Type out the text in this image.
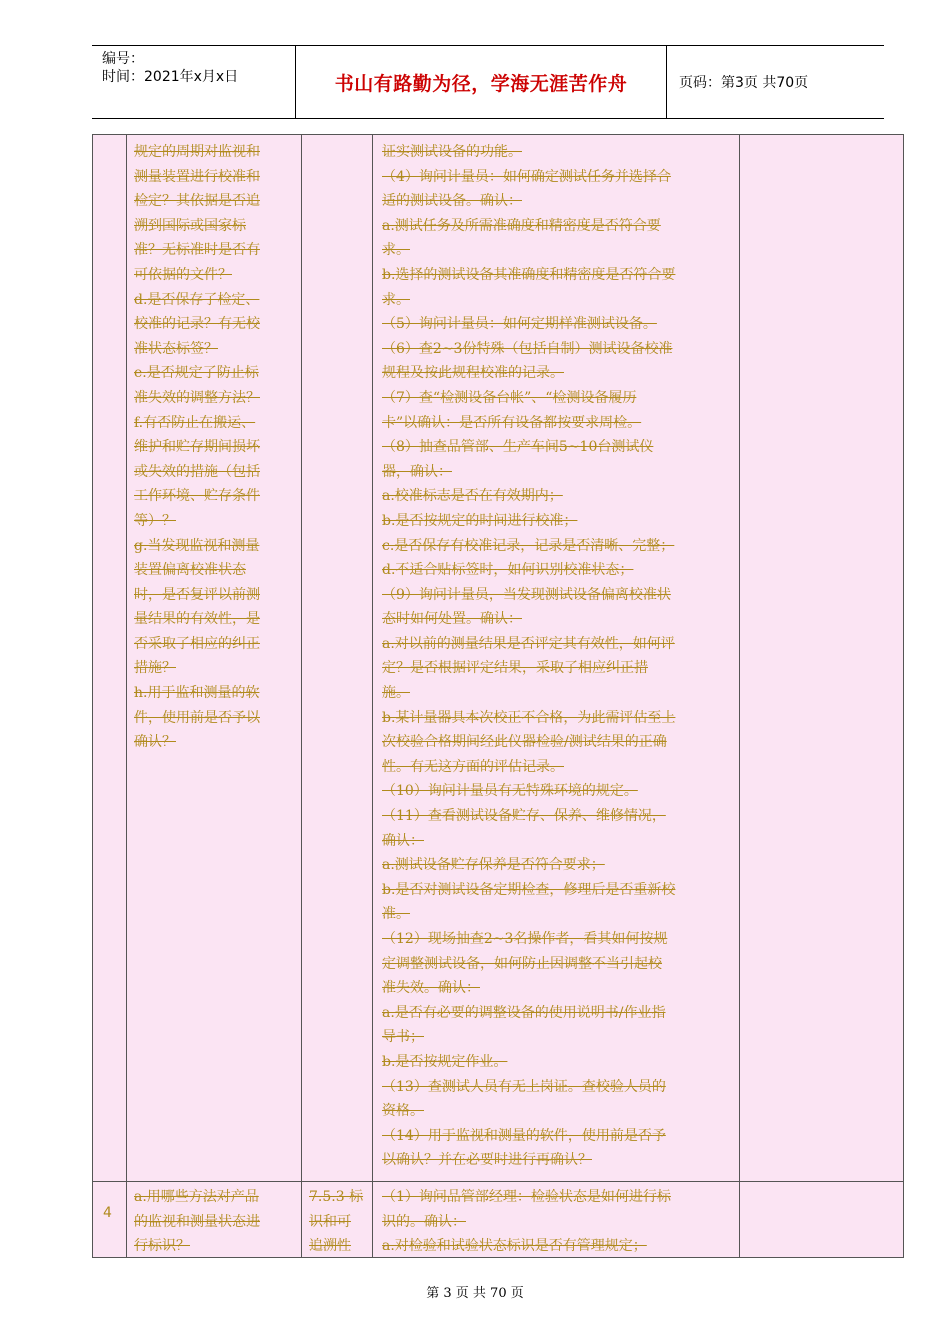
编号：
时间：2021年x月x日	书山有路勤为径，学海无涯苦作舟	页码：第3页 共70页

规定的周期对监视和

测量装置进行校准和

检定？其依据是否追

溯到国际或国家标

准？无标准时是否有

可依据的文件？

d.是否保存了检定、

校准的记录？有无校

准状态标签？

e.是否规定了防止标

准失效的调整方法？

f.有否防止在搬运、

维护和贮存期间损坏

或失效的措施（包括

工作环境、贮存条件

等）？

g.当发现监视和测量

装置偏离校准状态

时，是否复评以前测

量结果的有效性，是

否采取了相应的纠正

措施？

h.用于监和测量的软

件，使用前是否予以

确认？

证实测试设备的功能。

（4）询问计量员：如何确定测试任务并选择合

适的测试设备。确认：

a.测试任务及所需准确度和精密度是否符合要

求。

b.选择的测试设备其准确度和精密度是否符合要

求。

（5）询问计量员：如何定期样准测试设备。

（6）查2~3份特殊（包括自制）测试设备校准

规程及按此规程校准的记录。

（7）查“检测设备台帐”、“检测设备履历

卡”以确认：是否所有设备都按要求周检。

（8）抽查品管部、生产车间5~10台测试仪

器，确认：

a.校准标志是否在有效期内；

b.是否按规定的时间进行校准；

c.是否保存有校准记录，记录是否清晰、完整；

d.不适合贴标签时，如何识别校准状态；

（9）询问计量员，当发现测试设备偏离校准状

态时如何处置。确认：

a.对以前的测量结果是否评定其有效性，如何评

定？是否根据评定结果，采取了相应纠正措

施。

b.某计量器具本次校正不合格，为此需评估至上

次校验合格期间经此仪器检验/测试结果的正确

性。有无这方面的评估记录。

（10）询问计量员有无特殊环境的规定。

（11）查看测试设备贮存、保养、维修情况，

确认：

a.测试设备贮存保养是否符合要求；

b.是否对测试设备定期检查，修理后是否重新校

准。

（12）现场抽查2~3名操作者，看其如何按规

定调整测试设备，如何防止因调整不当引起校

准失效。确认：

a.是否有必要的调整设备的使用说明书/作业指

导书；

b.是否按规定作业。

（13）查测试人员有无上岗证。查校验人员的

资格。

（14）用于监视和测量的软件，使用前是否予

以确认？并在必要时进行再确认？

4

a.用哪些方法对产品

的监视和测量状态进

行标识？

7.5.3 标

识和可

追溯性

（1）询问品管部经理：检验状态是如何进行标

识的。确认：

a.对检验和试验状态标识是否有管理规定；

第 3 页 共 70 页
